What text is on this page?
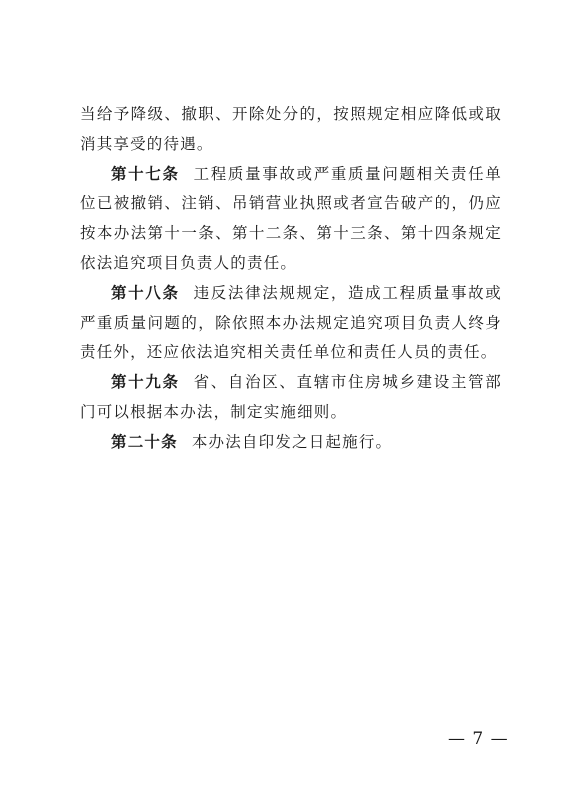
当给予降级、撤职、开除处分的，按照规定相应降低或取消其享受的待遇。

第十七条 工程质量事故或严重质量问题相关责任单位已被撤销、注销、吊销营业执照或者宣告破产的，仍应按本办法第十一条、第十二条、第十三条、第十四条规定依法追究项目负责人的责任。

第十八条 违反法律法规规定，造成工程质量事故或严重质量问题的，除依照本办法规定追究项目负责人终身责任外，还应依法追究相关责任单位和责任人员的责任。

第十九条 省、自治区、直辖市住房城乡建设主管部门可以根据本办法，制定实施细则。

第二十条 本办法自印发之日起施行。

— 7 —
